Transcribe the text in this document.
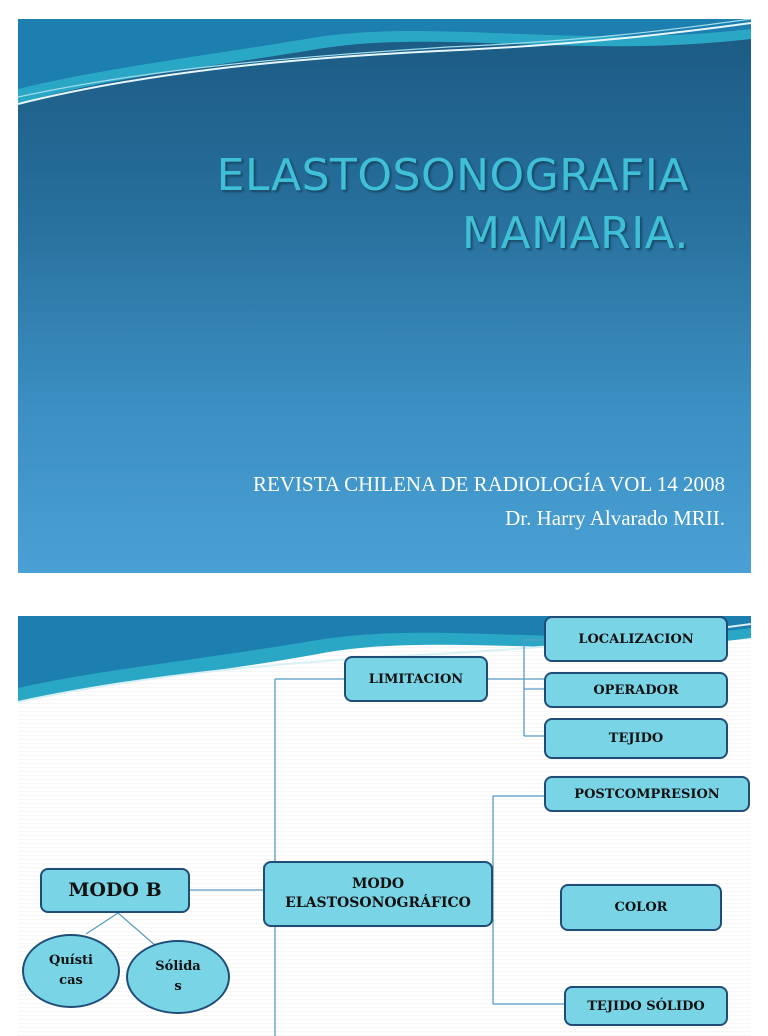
ELASTOSONOGRAFIA
MAMARIA.
REVISTA CHILENA DE RADIOLOGÍA VOL 14 2008
Dr. Harry Alvarado MRII.
MODO B
Quísti
cas
Sólida
s
MODO
ELASTOSONOGRÁFICO
LIMITACION
LOCALIZACION
OPERADOR
TEJIDO
POSTCOMPRESION
COLOR
TEJIDO SÓLIDO
